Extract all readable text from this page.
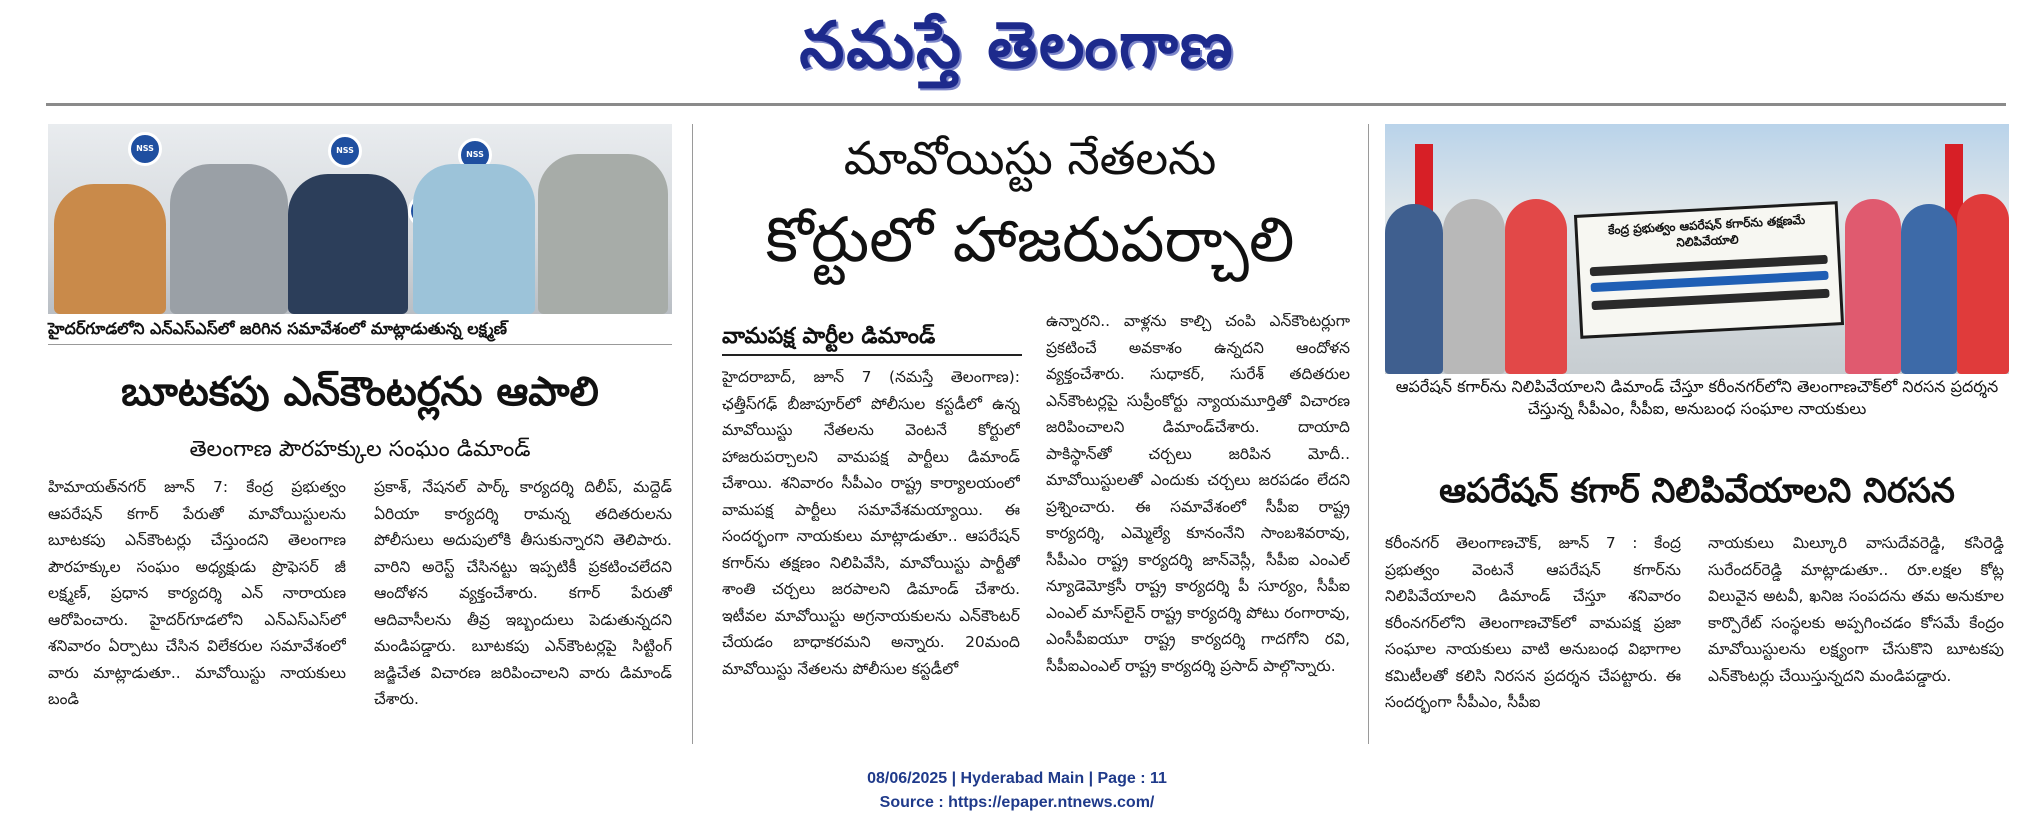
నమస్తే తెలంగాణ
NSS	NSS	NSS
హైదర్‌గూడలోని ఎన్‌ఎస్‌ఎస్‌లో జరిగిన సమావేశంలో మాట్లాడుతున్న లక్ష్మణ్
బూటకపు ఎన్‌కౌంటర్లను ఆపాలి
తెలంగాణ పౌరహక్కుల సంఘం డిమాండ్
హిమాయత్‌నగర్ జూన్ 7: కేంద్ర ప్రభుత్వం ఆపరేషన్ కగార్ పేరుతో మావోయిస్టులను బూటకపు ఎన్‌కౌంటర్లు చేస్తుందని తెలంగాణ పౌరహక్కుల సంఘం అధ్యక్షుడు ప్రొఫెసర్ జీ లక్ష్మణ్, ప్రధాన కార్యదర్శి ఎన్ నారాయణ ఆరోపించారు. హైదర్‌గూడలోని ఎన్‌ఎస్‌ఎస్‌లో శనివారం ఏర్పాటు చేసిన విలేకరుల సమావేశంలో వారు మాట్లాడుతూ.. మావోయిస్టు నాయకులు బండి
ప్రకాశ్, నేషనల్ పార్క్ కార్యదర్శి దిలీప్, మద్దెడ్ ఏరియా కార్యదర్శి రామన్న తదితరులను పోలీసులు అదుపులోకి తీసుకున్నారని తెలిపారు. వారిని అరెస్ట్ చేసినట్టు ఇప్పటికీ ప్రకటించలేదని ఆందోళన వ్యక్తంచేశారు. కగార్ పేరుతో ఆదివాసీలను తీవ్ర ఇబ్బందులు పెడుతున్నదని మండిపడ్డారు. బూటకపు ఎన్‌కౌంటర్లపై సిట్టింగ్ జడ్జిచేత విచారణ జరిపించాలని వారు డిమాండ్ చేశారు.
మావోయిస్టు నేతలను
కోర్టులో హాజరుపర్చాలి
వామపక్ష పార్టీల డిమాండ్
హైదరాబాద్, జూన్ 7 (నమస్తే తెలంగాణ): ఛత్తీస్‌గఢ్ బీజాపూర్‌లో పోలీసుల కస్టడీలో ఉన్న మావోయిస్టు నేతలను వెంటనే కోర్టులో హాజరుపర్చాలని వామపక్ష పార్టీలు డిమాండ్ చేశాయి. శనివారం సీపీఎం రాష్ట్ర కార్యాలయంలో వామపక్ష పార్టీలు సమావేశమయ్యాయి. ఈ సందర్భంగా నాయకులు మాట్లాడుతూ.. ఆపరేషన్ కగార్‌ను తక్షణం నిలిపివేసి, మావోయిస్టు పార్టీతో శాంతి చర్చలు జరపాలని డిమాండ్ చేశారు. ఇటీవల మావోయిస్టు అగ్రనాయకులను ఎన్‌కౌంటర్ చేయడం బాధాకరమని అన్నారు. 20మంది మావోయిస్టు నేతలను పోలీసుల కస్టడీలో
ఉన్నారని.. వాళ్లను కాల్చి చంపి ఎన్‌కౌంటర్లుగా ప్రకటించే అవకాశం ఉన్నదని ఆందోళన వ్యక్తంచేశారు. సుధాకర్, సురేశ్ తదితరుల ఎన్‌కౌంటర్లపై సుప్రీంకోర్టు న్యాయమూర్తితో విచారణ జరిపించాలని డిమాండ్‌చేశారు. దాయాది పాకిస్థాన్‌తో చర్చలు జరిపిన మోదీ.. మావోయిస్టులతో ఎందుకు చర్చలు జరపడం లేదని ప్రశ్నించారు. ఈ సమావేశంలో సీపీఐ రాష్ట్ర కార్యదర్శి, ఎమ్మెల్యే కూనంనేని సాంబశివరావు, సీపీఎం రాష్ట్ర కార్యదర్శి జాన్‌వెస్లీ, సీపీఐ ఎంఎల్ న్యూడెమోక్రసీ రాష్ట్ర కార్యదర్శి పీ సూర్యం, సీపీఐ ఎంఎల్ మాస్‌లైన్ రాష్ట్ర కార్యదర్శి పోటు రంగారావు, ఎంసీపీఐయూ రాష్ట్ర కార్యదర్శి గాదగోని రవి, సీపీఐఎంఎల్ రాష్ట్ర కార్యదర్శి ప్రసాద్ పాల్గొన్నారు.
కేంద్ర ప్రభుత్వం ఆపరేషన్ కగార్‌ను తక్షణమే నిలిపివేయాలి
ఆపరేషన్ కగార్‌ను నిలిపివేయాలని డిమాండ్ చేస్తూ కరీంనగర్‌లోని తెలంగాణచౌక్‌లో నిరసన ప్రదర్శన చేస్తున్న సీపీఎం, సీపీఐ, అనుబంధ సంఘాల నాయకులు
ఆపరేషన్ కగార్ నిలిపివేయాలని నిరసన
కరీంనగర్ తెలంగాణచౌక్, జూన్ 7 : కేంద్ర ప్రభుత్వం వెంటనే ఆపరేషన్ కగార్‌ను నిలిపివేయాలని డిమాండ్ చేస్తూ శనివారం కరీంనగర్‌లోని తెలంగాణచౌక్‌లో వామపక్ష ప్రజా సంఘాల నాయకులు వాటి అనుబంధ విభాగాల కమిటీలతో కలిసి నిరసన ప్రదర్శన చేపట్టారు. ఈ సందర్భంగా సీపీఎం, సీపీఐ
నాయకులు మిల్కూరి వాసుదేవరెడ్డి, కసిరెడ్డి సురేందర్‌రెడ్డి మాట్లాడుతూ.. రూ.లక్షల కోట్ల విలువైన అటవీ, ఖనిజ సంపదను తమ అనుకూల కార్పొరేట్ సంస్థలకు అప్పగించడం కోసమే కేంద్రం మావోయిస్టులను లక్ష్యంగా చేసుకొని బూటకపు ఎన్‌కౌంటర్లు చేయిస్తున్నదని మండిపడ్డారు.
08/06/2025 | Hyderabad Main | Page : 11
Source : https://epaper.ntnews.com/
